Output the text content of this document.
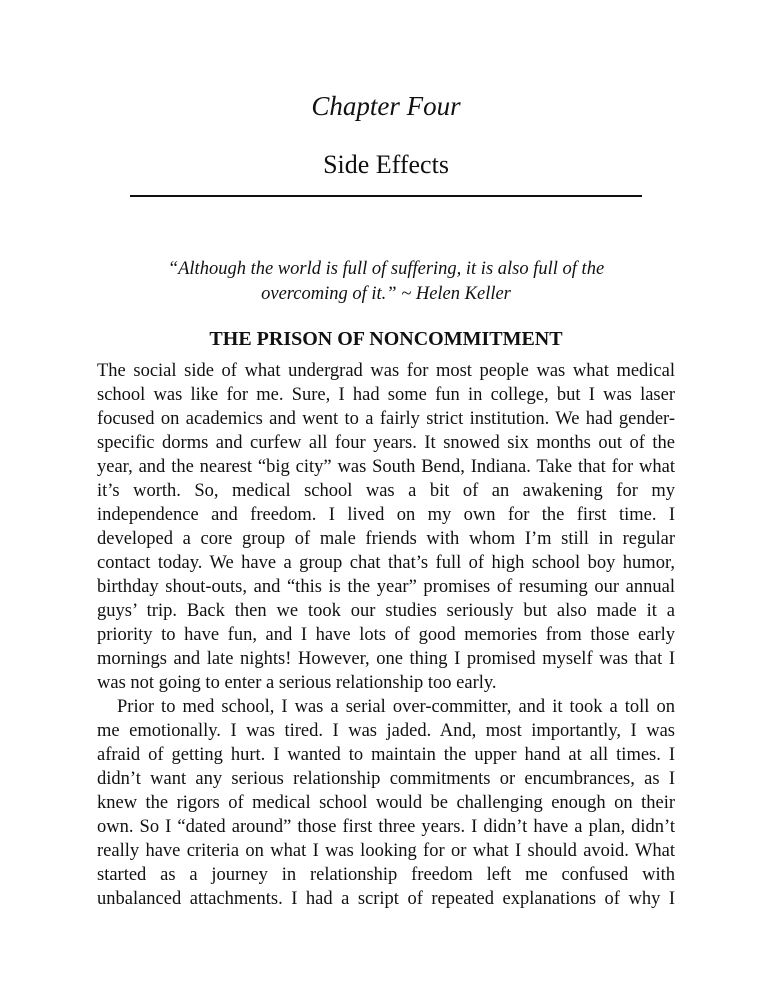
Chapter Four
Side Effects
“Although the world is full of suffering, it is also full of the
overcoming of it.” ~ Helen Keller
THE PRISON OF NONCOMMITMENT

The social side of what undergrad was for most people was what medical
school was like for me. Sure, I had some fun in college, but I was laser
focused on academics and went to a fairly strict institution. We had gender-
specific dorms and curfew all four years. It snowed six months out of the
year, and the nearest “big city” was South Bend, Indiana. Take that for what
it’s worth. So, medical school was a bit of an awakening for my
independence and freedom. I lived on my own for the first time. I
developed a core group of male friends with whom I’m still in regular
contact today. We have a group chat that’s full of high school boy humor,
birthday shout-outs, and “this is the year” promises of resuming our annual
guys’ trip. Back then we took our studies seriously but also made it a
priority to have fun, and I have lots of good memories from those early
mornings and late nights! However, one thing I promised myself was that I
was not going to enter a serious relationship too early.

Prior to med school, I was a serial over-committer, and it took a toll on
me emotionally. I was tired. I was jaded. And, most importantly, I was
afraid of getting hurt. I wanted to maintain the upper hand at all times. I
didn’t want any serious relationship commitments or encumbrances, as I
knew the rigors of medical school would be challenging enough on their
own. So I “dated around” those first three years. I didn’t have a plan, didn’t
really have criteria on what I was looking for or what I should avoid. What
started as a journey in relationship freedom left me confused with
unbalanced attachments. I had a script of repeated explanations of why I
